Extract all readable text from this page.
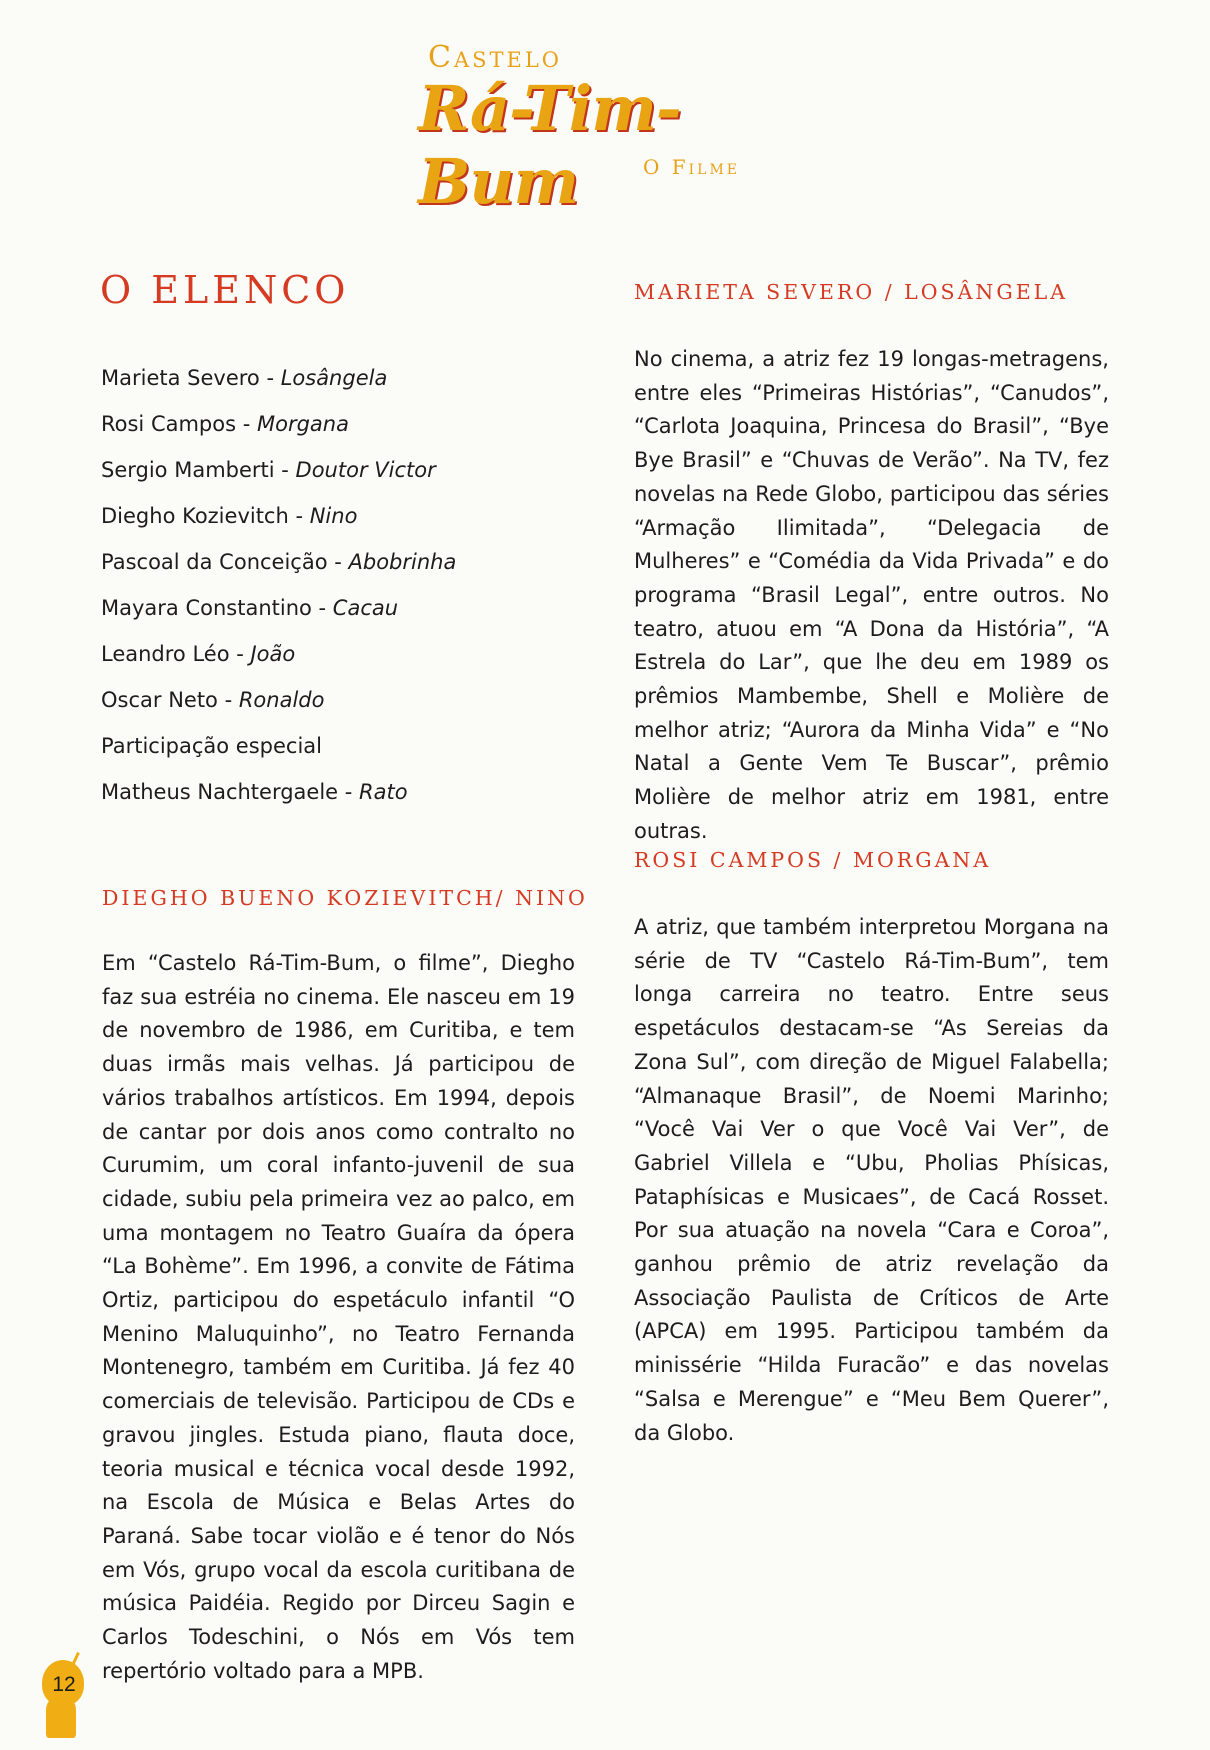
Castelo
Rá-Tim-Bum	O Filme
O ELENCO
Marieta Severo - Losângela
Rosi Campos - Morgana
Sergio Mamberti - Doutor Victor
Diegho Kozievitch - Nino
Pascoal da Conceição - Abobrinha
Mayara Constantino - Cacau
Leandro Léo - João
Oscar Neto - Ronaldo
Participação especial
Matheus Nachtergaele - Rato
DIEGHO BUENO KOZIEVITCH/ NINO

Em “Castelo Rá-Tim-Bum, o filme”, Diegho faz sua estréia no cinema. Ele nasceu em 19 de novembro de 1986, em Curitiba, e tem duas irmãs mais velhas. Já participou de vários trabalhos artísticos. Em 1994, depois de cantar por dois anos como contralto no Curumim, um coral infanto-juvenil de sua cidade, subiu pela primeira vez ao palco, em uma montagem no Teatro Guaíra da ópera “La Bohème”. Em 1996, a convite de Fátima Ortiz, participou do espetáculo infantil “O Menino Maluquinho”, no Teatro Fernanda Montenegro, também em Curitiba. Já fez 40 comerciais de televisão. Participou de CDs e gravou jingles. Estuda piano, flauta doce, teoria musical e técnica vocal desde 1992, na Escola de Música e Belas Artes do Paraná. Sabe tocar violão e é tenor do Nós em Vós, grupo vocal da escola curitibana de música Paidéia. Regido por Dirceu Sagin e Carlos Todeschini, o Nós em Vós tem repertório voltado para a MPB.

MARIETA SEVERO / LOSÂNGELA

No cinema, a atriz fez 19 longas-metragens, entre eles “Primeiras Histórias”, “Canudos”, “Carlota Joaquina, Princesa do Brasil”, “Bye Bye Brasil” e “Chuvas de Verão”. Na TV, fez novelas na Rede Globo, participou das séries “Armação Ilimitada”, “Delegacia de Mulheres” e “Comédia da Vida Privada” e do programa “Brasil Legal”, entre outros. No teatro, atuou em “A Dona da História”, “A Estrela do Lar”, que lhe deu em 1989 os prêmios Mambembe, Shell e Molière de melhor atriz; “Aurora da Minha Vida” e “No Natal a Gente Vem Te Buscar”, prêmio Molière de melhor atriz em 1981, entre outras.

ROSI CAMPOS / MORGANA

A atriz, que também interpretou Morgana na série de TV “Castelo Rá-Tim-Bum”, tem longa carreira no teatro. Entre seus espetáculos destacam-se “As Sereias da Zona Sul”, com direção de Miguel Falabella; “Almanaque Brasil”, de Noemi Marinho; “Você Vai Ver o que Você Vai Ver”, de Gabriel Villela e “Ubu, Pholias Phísicas, Pataphísicas e Musicaes”, de Cacá Rosset. Por sua atuação na novela “Cara e Coroa”, ganhou prêmio de atriz revelação da Associação Paulista de Críticos de Arte (APCA) em 1995. Participou também da minissérie “Hilda Furacão” e das novelas “Salsa e Merengue” e “Meu Bem Querer”, da Globo.

12
